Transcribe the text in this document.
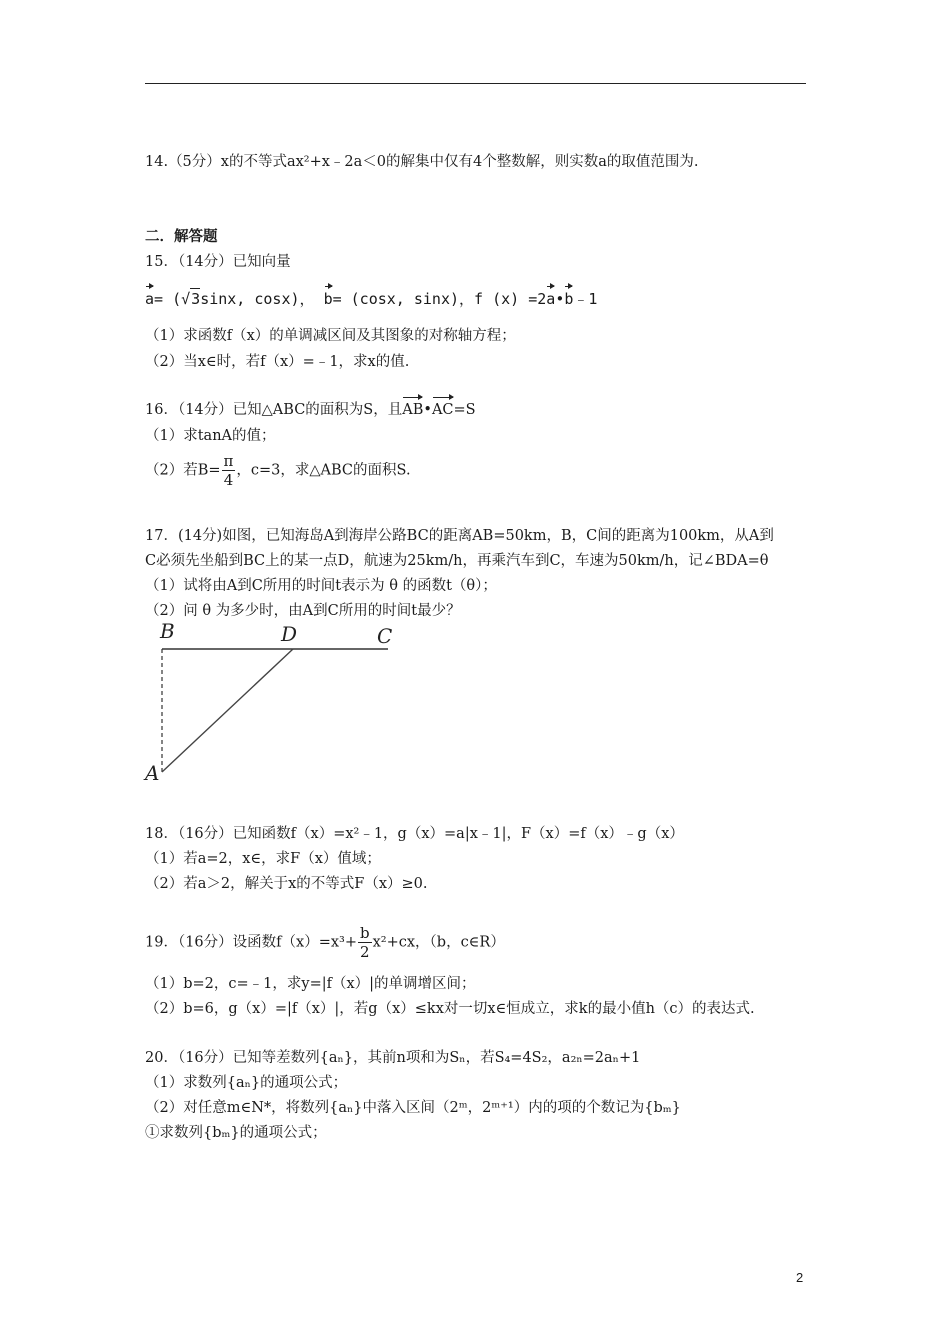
14.（5分）x的不等式ax²+x﹣2a＜0的解集中仅有4个整数解，则实数a的取值范围为.
二．解答题
15．（14分）已知向量
a= (√3sinx, cosx)， b= (cosx, sinx)，f (x) =2a•b﹣1
（1）求函数f（x）的单调减区间及其图象的对称轴方程；
（2）当x∈时，若f（x）=﹣1，求x的值.
16．（14分）已知△ABC的面积为S，且AB•AC=S
（1）求tanA的值；
（2）若$B= \frac{\pi}{4}$ ，c=3，求△ABC的面积S.
17．(14分)如图，已知海岛A到海岸公路BC的距离AB=50km，B，C间的距离为100km，从A到
C必须先坐船到BC上的某一点D，航速为25km/h，再乘汽车到C，车速为50km/h，记∠BDA=θ
（1）试将由A到C所用的时间t表示为 θ 的函数t（θ）；
（2）问 θ 为多少时，由A到C所用的时间t最少？
B	D	C
A
18．（16分）已知函数f（x）=x²﹣1，g（x）=a|x﹣1|，F（x）=f（x）﹣g（x）
（1）若a=2，x∈，求F（x）值域；
（2）若a＞2，解关于x的不等式F（x）≥0.
19．（16分）设函数$f(x)=x^3+ \frac{b}{2} x^2+cx$，（b，c∈R）
（1）b=2，c=﹣1，求y=|f（x）|的单调增区间；
（2）b=6，g（x）=|f（x）|，若g（x）≤kx对一切x∈恒成立，求k的最小值h（c）的表达式.
20．（16分）已知等差数列{aₙ}，其前n项和为Sₙ，若S₄=4S₂，a₂ₙ=2aₙ+1
（1）求数列{aₙ}的通项公式；
（2）对任意m∈N*，将数列{aₙ}中落入区间（2ᵐ，2ᵐ⁺¹）内的项的个数记为{bₘ}
①求数列{bₘ}的通项公式；
2
